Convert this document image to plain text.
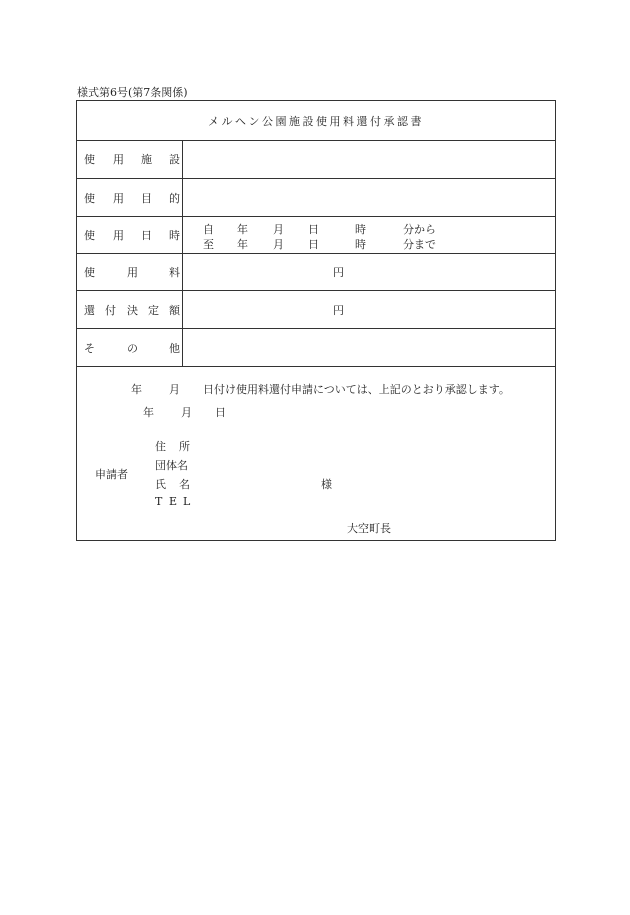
様式第6号(第7条関係)
メルヘン公園施設使用料還付承認書
使 用 施 設
使 用 目 的
使 用 日 時 自 年 月 日	時	分から
至 年 月 日	時	分まで
使	用	料	円
還 付 決 定 額	円
そ	の	他
年 月 日付け使用料還付申請については、上記のとおり承認します。
年 月 日
申請者
住 所
団体名
氏 名	様
T E L
大空町長
